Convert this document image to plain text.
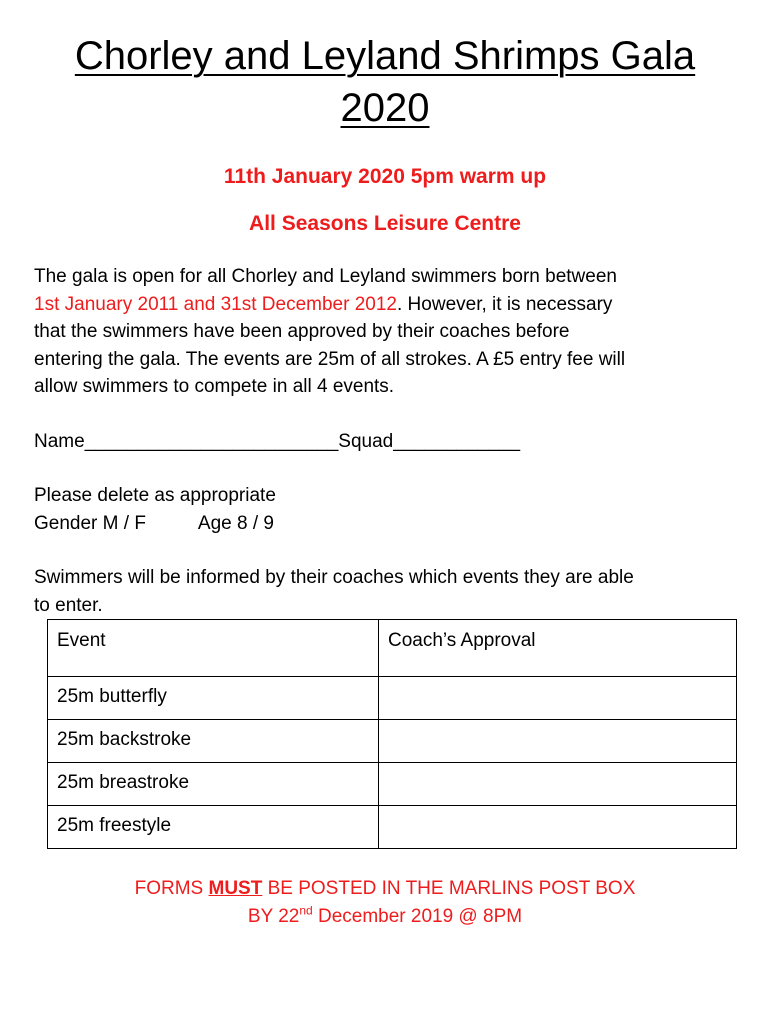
Chorley and Leyland Shrimps Gala
2020
11th January 2020 5pm warm up
All Seasons Leisure Centre
The gala is open for all Chorley and Leyland swimmers born between
1st January 2011 and 31st December 2012. However, it is necessary
that the swimmers have been approved by their coaches before
entering the gala. The events are 25m of all strokes. A £5 entry fee will
allow swimmers to compete in all 4 events.
Name________________________Squad____________
Please delete as appropriate
Gender M / F	Age 8 / 9
Swimmers will be informed by their coaches which events they are able
to enter.
Event	Coach’s Approval
25m butterfly	
25m backstroke	
25m breastroke	
25m freestyle	
FORMS MUST BE POSTED IN THE MARLINS POST BOX
BY 22nd December 2019 @ 8PM
